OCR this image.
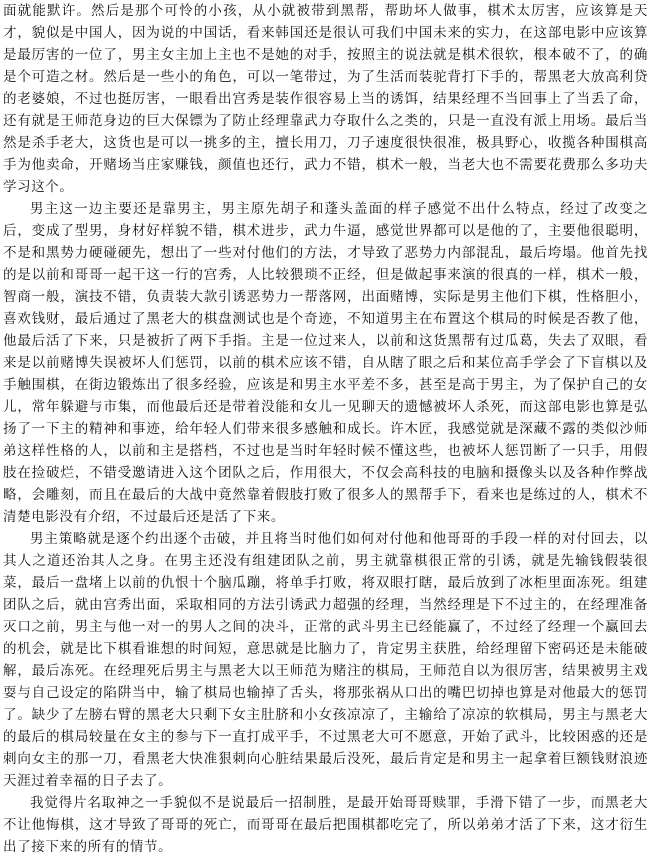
面就能默许。然后是那个可怜的小孩，从小就被带到黑帮，帮助坏人做事，棋术太厉害，应该算是天才，貌似是中国人，因为说的中国话，看来韩国还是很认可我们中国未来的实力，在这部电影中应该算是最厉害的一位了，男主女主加上主也不是她的对手，按照主的说法就是棋术很软，根本破不了，的确是个可造之材。然后是一些小的角色，可以一笔带过，为了生活而装驼背打下手的，帮黑老大放高利贷的老婆娘，不过也挺厉害，一眼看出宫秀是装作很容易上当的诱饵，结果经理不当回事上了当丢了命，还有就是王师范身边的巨大保镖为了防止经理靠武力夺取什么之类的，只是一直没有派上用场。最后当然是杀手老大，这货也是可以一挑多的主，擅长用刀，刀子速度很快很准，极具野心，收揽各种围棋高手为他卖命，开赌场当庄家赚钱，颜值也还行，武力不错，棋术一般，当老大也不需要花费那么多功夫学习这个。

男主这一边主要还是靠男主，男主原先胡子和蓬头盖面的样子感觉不出什么特点，经过了改变之后，变成了型男，身材好样貌不错，棋术进步，武力牛逼，感觉世界都可以是他的了，主要他很聪明，不是和黑势力硬碰硬先，想出了一些对付他们的方法，才导致了恶势力内部混乱，最后垮塌。他首先找的是以前和哥哥一起干这一行的宫秀，人比较猥琐不正经，但是做起事来演的很真的一样，棋术一般，智商一般，演技不错，负责装大款引诱恶势力一帮落网，出面赌博，实际是男主他们下棋，性格胆小，喜欢钱财，最后通过了黑老大的棋盘测试也是个奇迹，不知道男主在布置这个棋局的时候是否教了他，他最后活了下来，只是被折了两下手指。主是一位过来人，以前和这货黑帮有过瓜葛，失去了双眼，看来是以前赌博失误被坏人们惩罚，以前的棋术应该不错，自从瞎了眼之后和某位高手学会了下盲棋以及手触围棋，在街边锻炼出了很多经验，应该是和男主水平差不多，甚至是高于男主，为了保护自己的女儿，常年躲避与市集，而他最后还是带着没能和女儿一见聊天的遗憾被坏人杀死，而这部电影也算是弘扬了一下主的精神和事迹，给年轻人们带来很多感触和成长。许木匠，我感觉就是深藏不露的类似沙师弟这样性格的人，以前和主是搭档，不过也是当时年轻时候不懂这些，也被坏人惩罚断了一只手，用假肢在捡破烂，不错受邀请进入这个团队之后，作用很大，不仅会高科技的电脑和摄像头以及各种作弊战略，会雕刻，而且在最后的大战中竟然靠着假肢打败了很多人的黑帮手下，看来也是练过的人，棋术不清楚电影没有介绍，不过最后还是活了下来。

男主策略就是逐个约出逐个击破，并且将当时他们如何对付他和他哥哥的手段一样的对付回去，以其人之道还治其人之身。在男主还没有组建团队之前，男主就靠棋很正常的引诱，就是先输钱假装很菜，最后一盘堵上以前的仇恨十个脑瓜蹦，将单手打败，将双眼打瞎，最后放到了冰柜里面冻死。组建团队之后，就由宫秀出面，采取相同的方法引诱武力超强的经理，当然经理是下不过主的，在经理准备灭口之前，男主与他一对一的男人之间的决斗，正常的武斗男主已经能赢了，不过经了经理一个赢回去的机会，就是比下棋看谁想的时间短，意思就是比脑力了，肯定男主获胜，给经理留下密码还是未能破解，最后冻死。在经理死后男主与黑老大以王师范为赌注的棋局，王师范自以为很厉害，结果被男主戏耍与自己设定的陷阱当中，输了棋局也输掉了舌头，将那张祸从口出的嘴巴切掉也算是对他最大的惩罚了。缺少了左膀右臂的黑老大只剩下女主肚脐和小女孩凉凉了，主输给了凉凉的软棋局，男主与黑老大的最后的棋局较量在女主的参与下一直打成平手，不过黑老大可不愿意，开始了武斗，比较困惑的还是刺向女主的那一刀，看黑老大快准狠刺向心脏结果最后没死，最后肯定是和男主一起拿着巨额钱财浪迹天涯过着幸福的日子去了。

我觉得片名取神之一手貌似不是说最后一招制胜，是最开始哥哥赎罪，手滑下错了一步，而黑老大不让他悔棋，这才导致了哥哥的死亡，而哥哥在最后把围棋都吃完了，所以弟弟才活了下来，这才衍生出了接下来的所有的情节。
